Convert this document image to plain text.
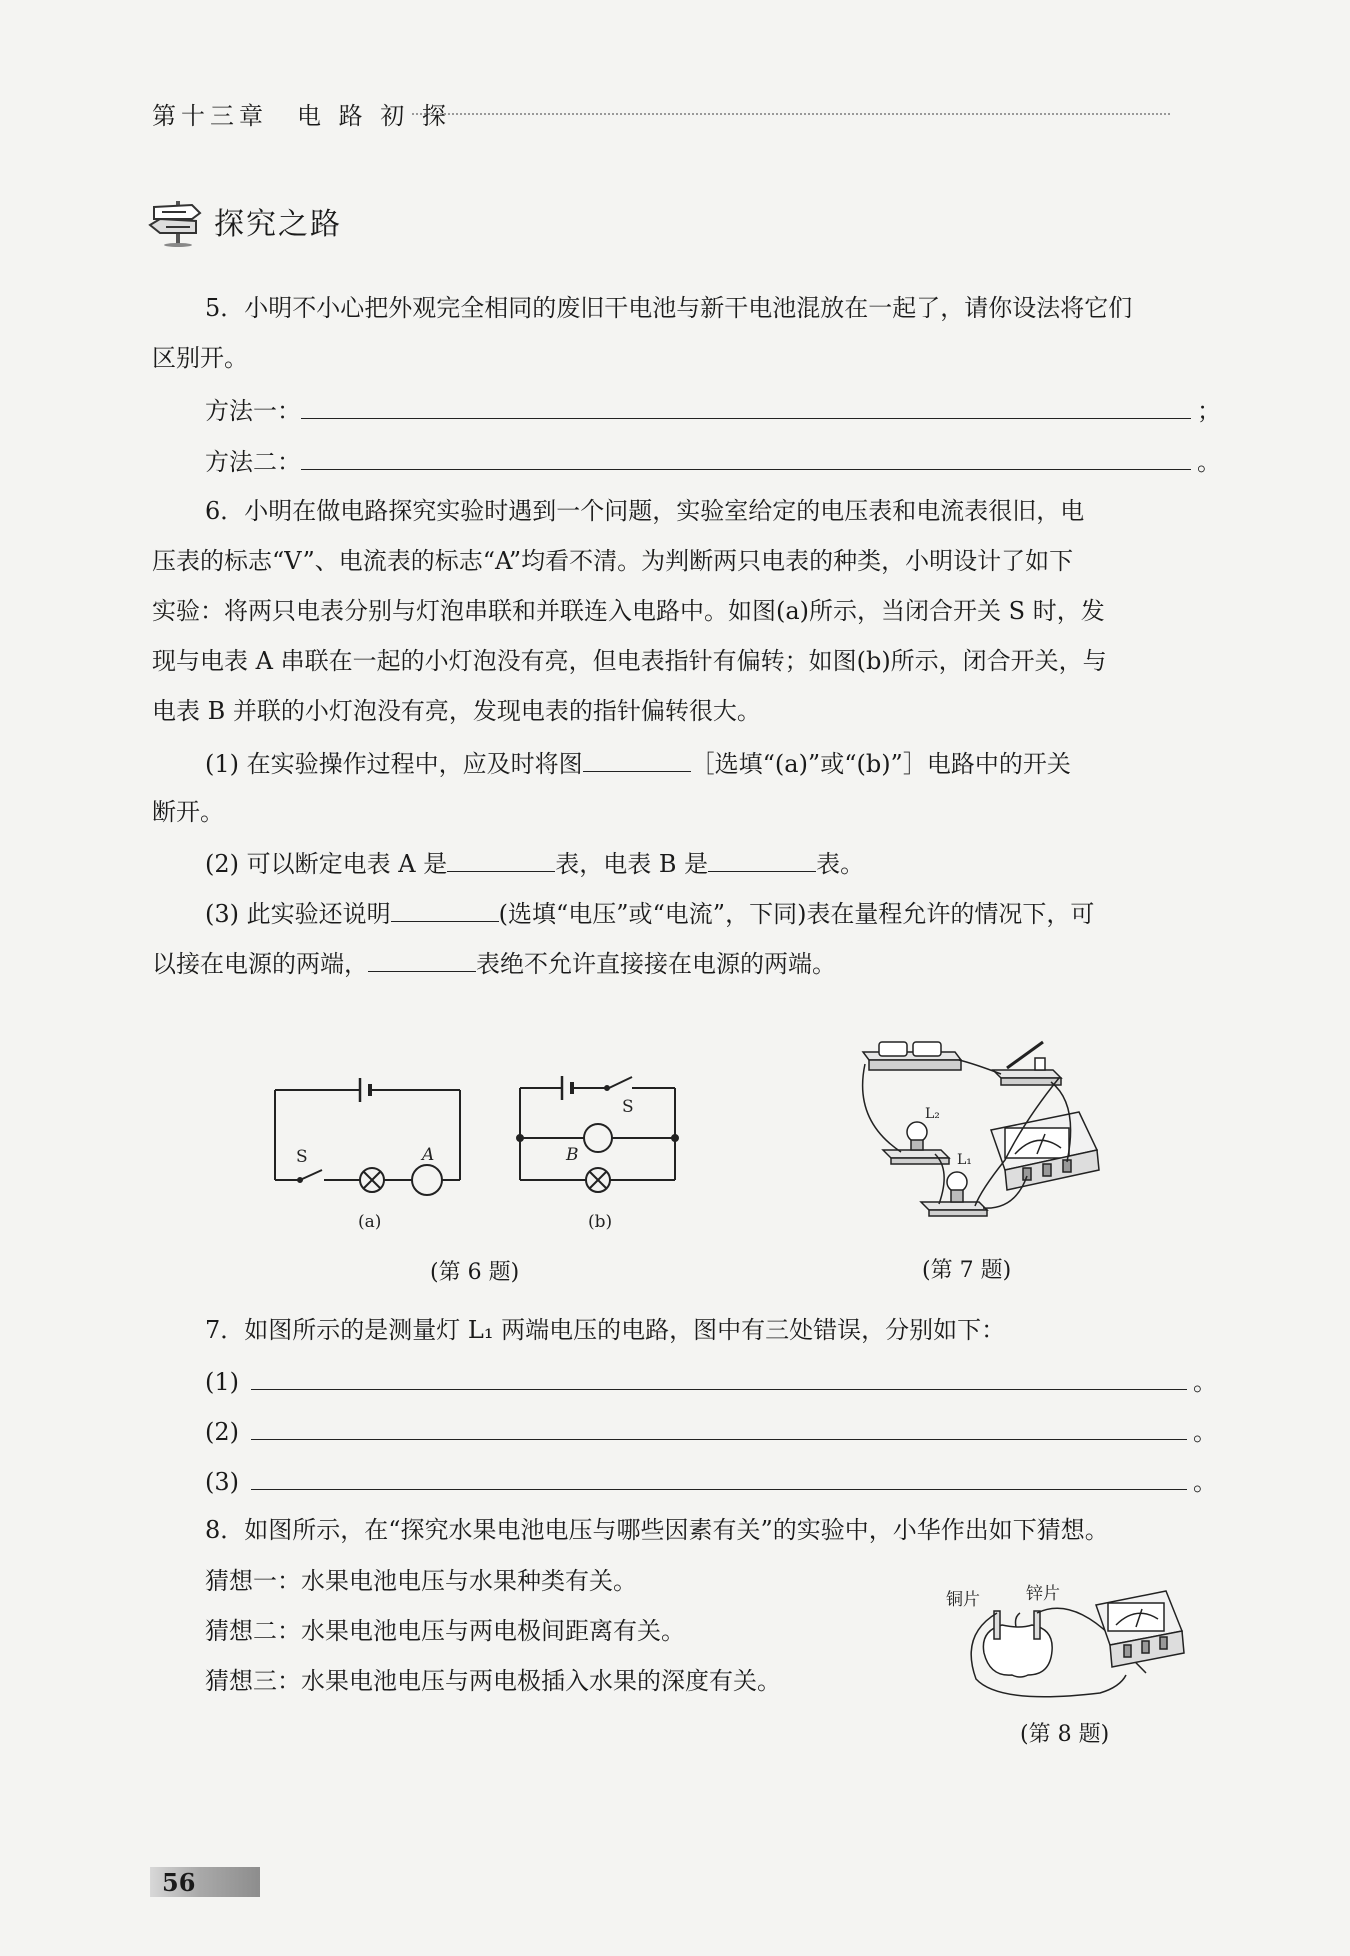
第十三章　电 路 初 探
探究之路
5．小明不小心把外观完全相同的废旧干电池与新干电池混放在一起了，请你设法将它们
区别开。
方法一：	；
方法二：	。
6．小明在做电路探究实验时遇到一个问题，实验室给定的电压表和电流表很旧，电
压表的标志“V”、电流表的标志“A”均看不清。为判断两只电表的种类，小明设计了如下
实验：将两只电表分别与灯泡串联和并联连入电路中。如图(a)所示，当闭合开关 S 时，发
现与电表 A 串联在一起的小灯泡没有亮，但电表指针有偏转；如图(b)所示，闭合开关，与
电表 B 并联的小灯泡没有亮，发现电表的指针偏转很大。
(1) 在实验操作过程中，应及时将图	［选填“(a)”或“(b)”］电路中的开关
断开。
(2) 可以断定电表 A 是	表，电表 B 是	表。
(3) 此实验还说明	(选填“电压”或“电流”，下同)表在量程允许的情况下，可
以接在电源的两端，	表绝不允许直接接在电源的两端。
S	A
(a)
S
B
(b)
(第 6 题)
L₂
L₁
(第 7 题)
7．如图所示的是测量灯 L₁ 两端电压的电路，图中有三处错误，分别如下：
(1)	。
(2)	。
(3)	。
8．如图所示，在“探究水果电池电压与哪些因素有关”的实验中，小华作出如下猜想。
猜想一：水果电池电压与水果种类有关。
猜想二：水果电池电压与两电极间距离有关。
猜想三：水果电池电压与两电极插入水果的深度有关。
铜片	锌片
(第 8 题)
56
